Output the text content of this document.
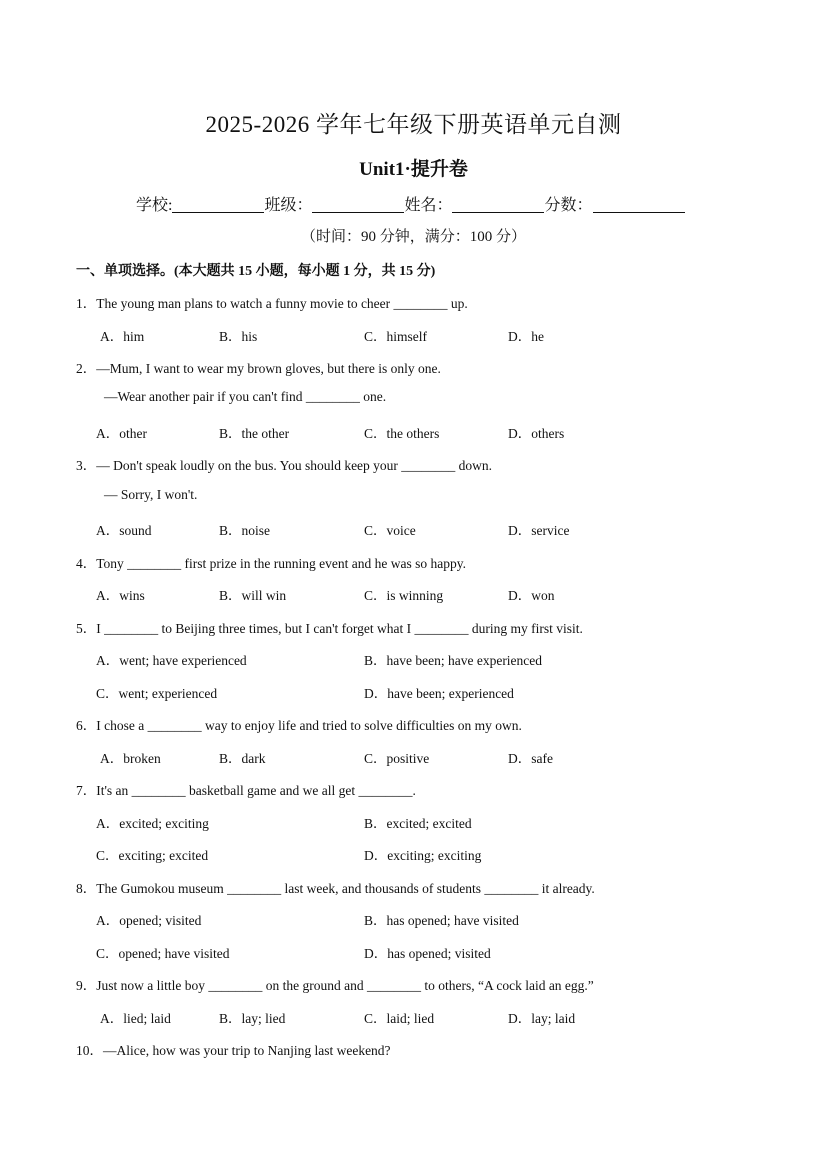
2025-2026 学年七年级下册英语单元自测
Unit1·提升卷
学校:	班级：	姓名：	分数：
（时间：90 分钟，满分：100 分）
一、单项选择。(本大题共 15 小题，每小题 1 分，共 15 分)
1．The young man plans to watch a funny movie to cheer ________ up.
A．him	B．his	C．himself	D．he
2．—Mum, I want to wear my brown gloves, but there is only one.
—Wear another pair if you can't find ________ one.
A．other	B．the other	C．the others	D．others
3．— Don't speak loudly on the bus. You should keep your ________ down.
— Sorry, I won't.
A．sound	B．noise	C．voice	D．service
4．Tony ________ first prize in the running event and he was so happy.
A．wins	B．will win	C．is winning	D．won
5．I ________ to Beijing three times, but I can't forget what I ________ during my first visit.
A．went; have experienced	B．have been; have experienced
C．went; experienced	D．have been; experienced
6．I chose a ________ way to enjoy life and tried to solve difficulties on my own.
A．broken	B．dark	C．positive	D．safe
7．It's an ________ basketball game and we all get ________.
A．excited; exciting	B．excited; excited
C．exciting; excited	D．exciting; exciting
8．The Gumokou museum ________ last week, and thousands of students ________ it already.
A．opened; visited	B．has opened; have visited
C．opened; have visited	D．has opened; visited
9．Just now a little boy ________ on the ground and ________ to others, “A cock laid an egg.”
A．lied; laid	B．lay; lied	C．laid; lied	D．lay; laid
10．—Alice, how was your trip to Nanjing last weekend?
